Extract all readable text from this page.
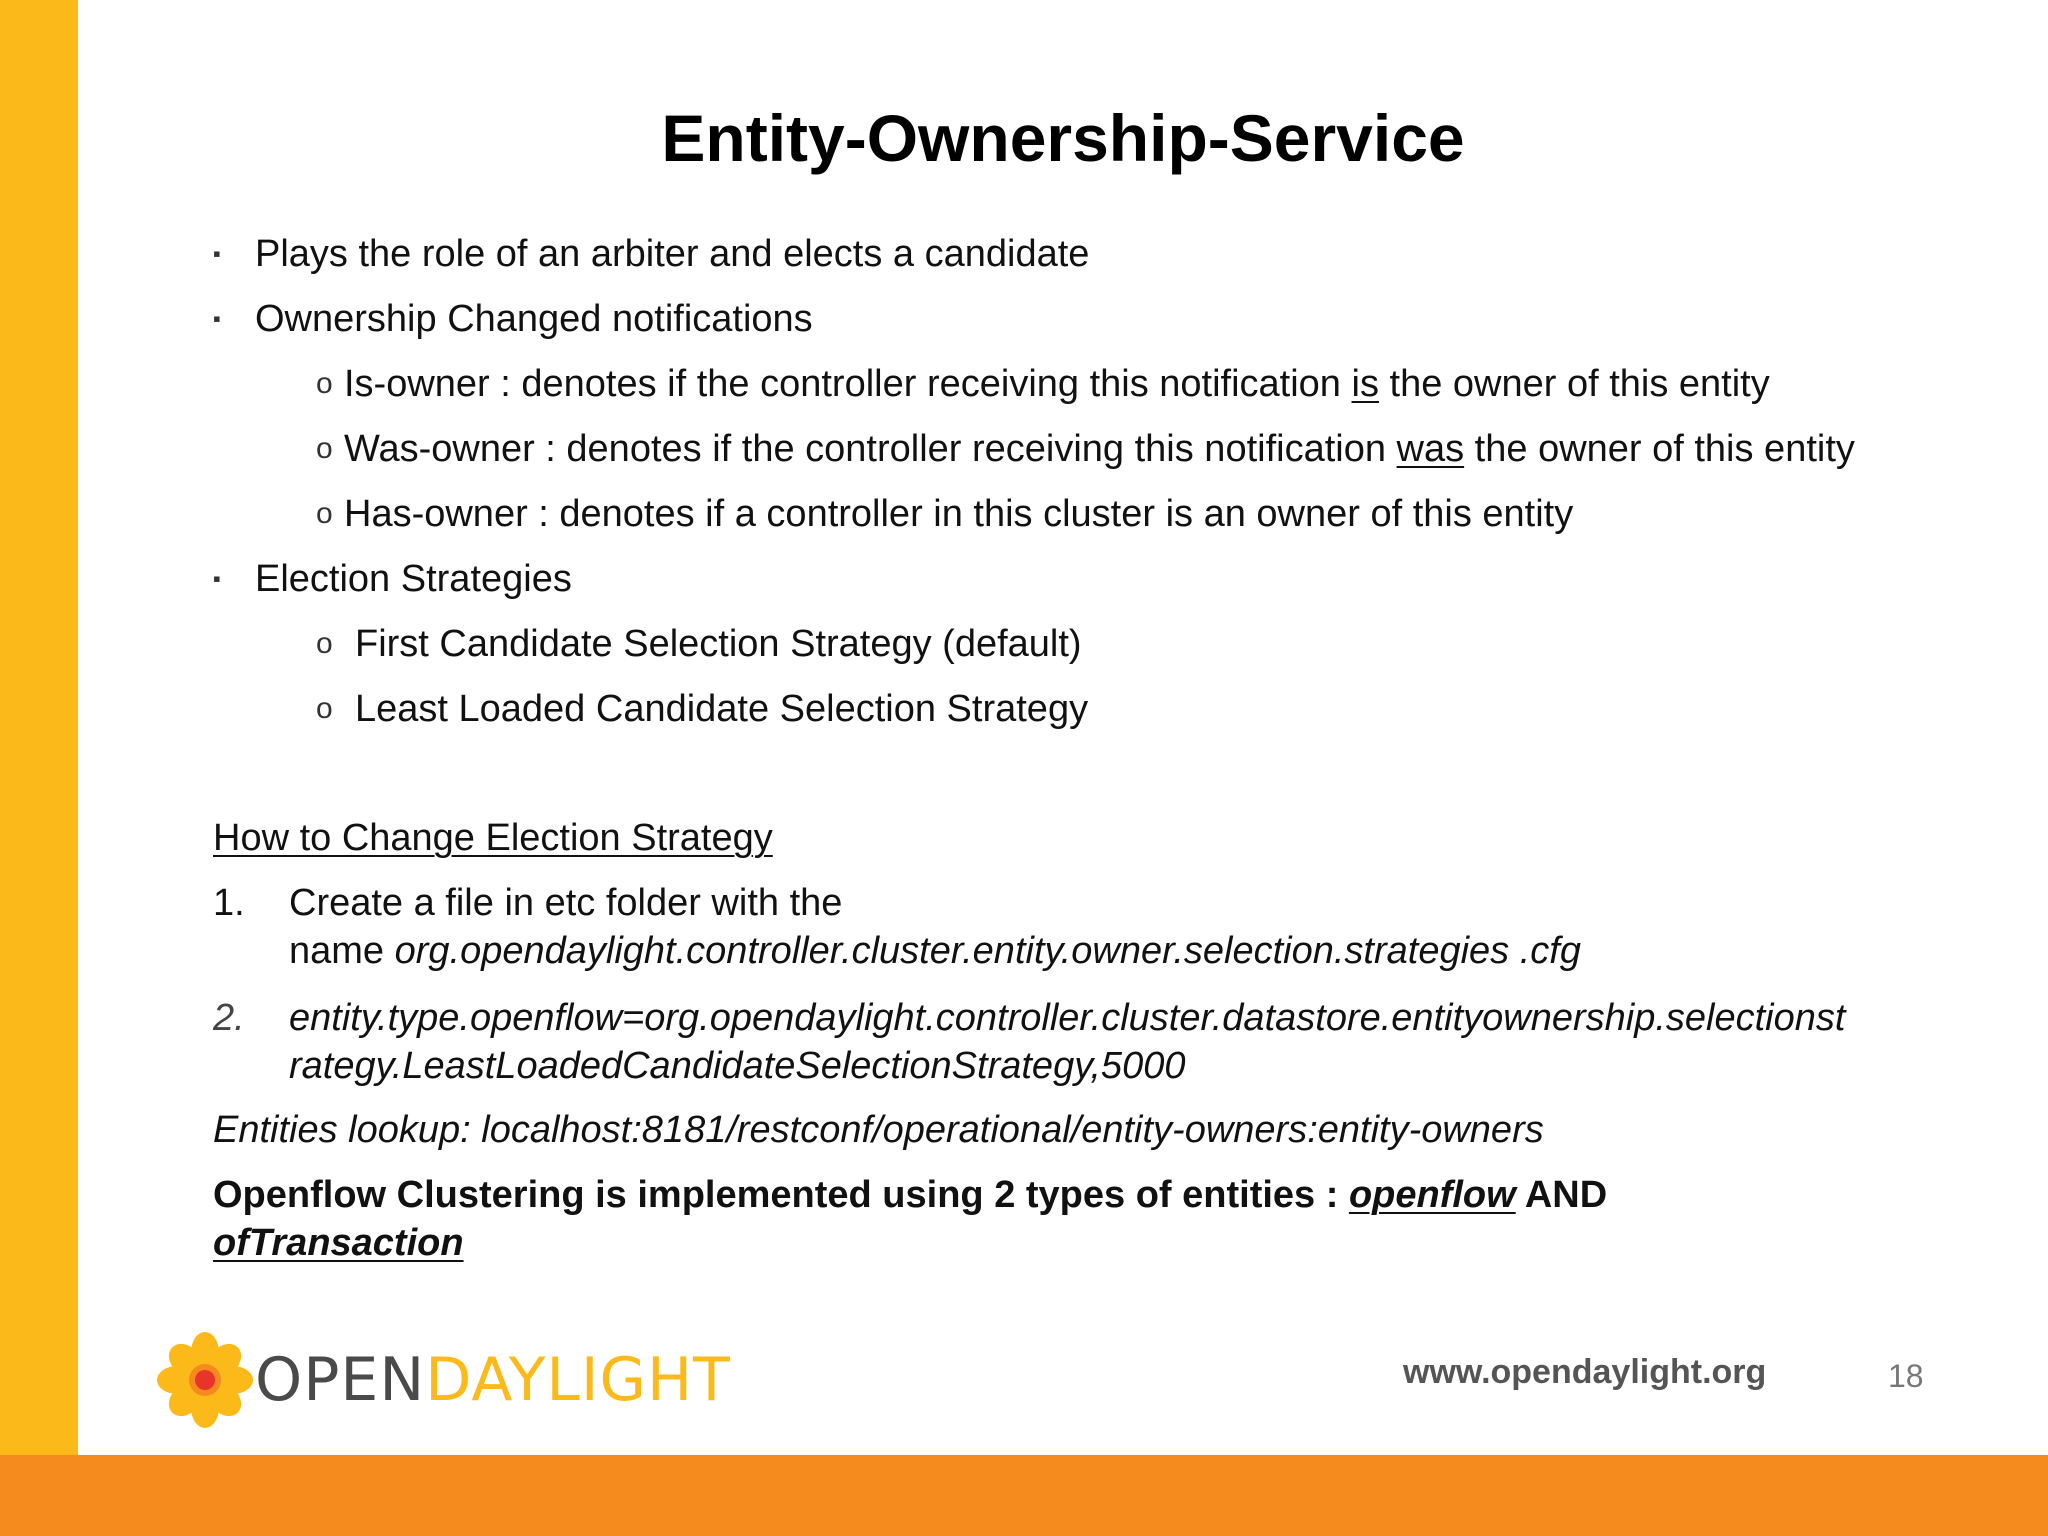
Entity-Ownership-Service
▪ Plays the role of an arbiter and elects a candidate
▪ Ownership Changed notifications
o Is-owner : denotes if the controller receiving this notification is the owner of this entity
o Was-owner : denotes if the controller receiving this notification was the owner of this entity
o Has-owner : denotes if a controller in this cluster is an owner of this entity
▪ Election Strategies
o First Candidate Selection Strategy (default)
o Least Loaded Candidate Selection Strategy
How to Change Election Strategy
1. Create a file in etc folder with the
name org.opendaylight.controller.cluster.entity.owner.selection.strategies .cfg
2. entity.type.openflow=org.opendaylight.controller.cluster.datastore.entityownership.selectionst
rategy.LeastLoadedCandidateSelectionStrategy,5000
Entities lookup: localhost:8181/restconf/operational/entity-owners:entity-owners
Openflow Clustering is implemented using 2 types of entities : openflow AND
ofTransaction
OPENDAYLIGHT	www.opendaylight.org	18
